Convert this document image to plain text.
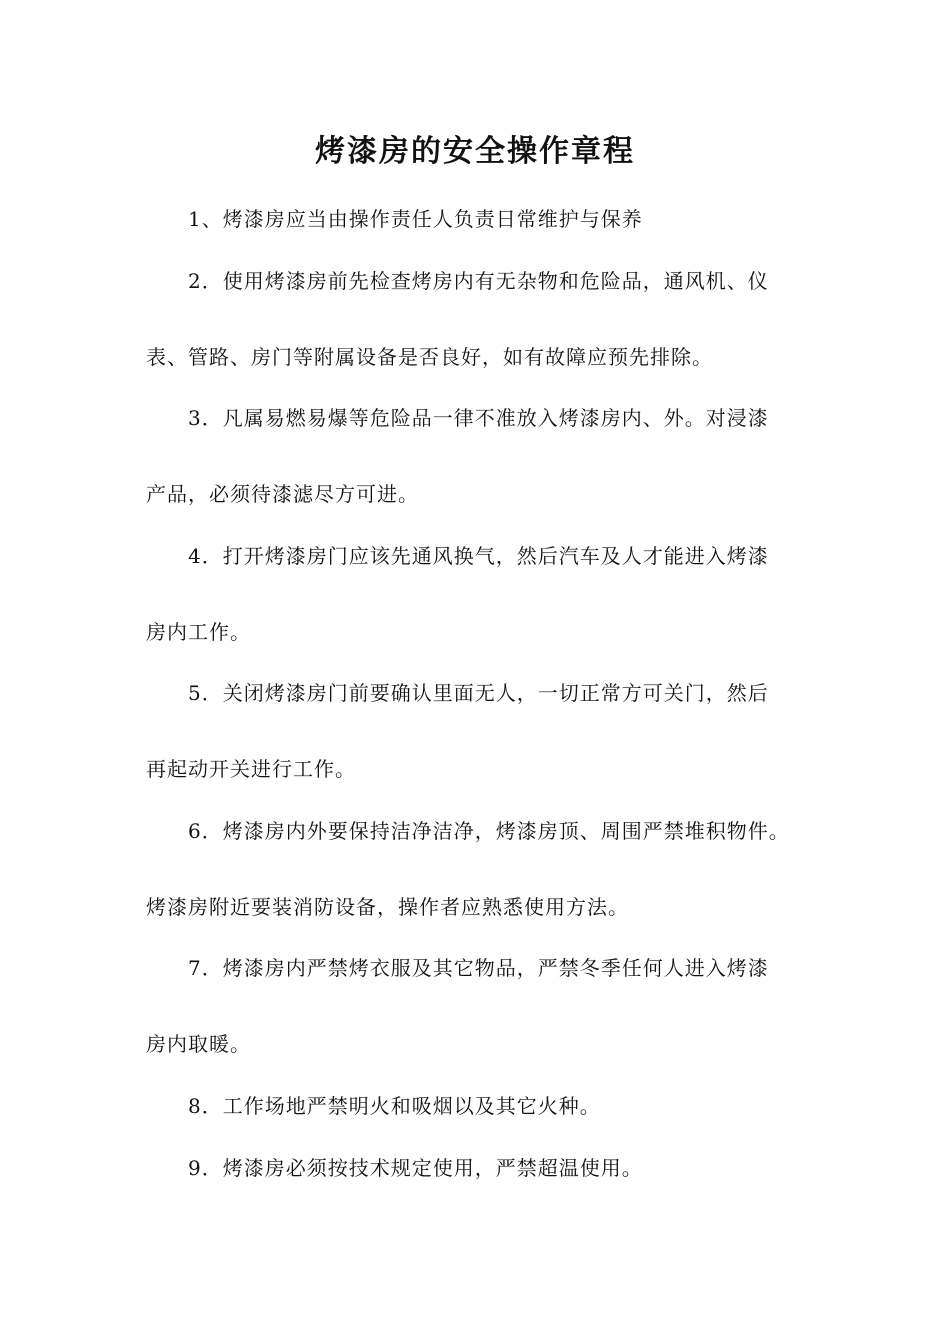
烤漆房的安全操作章程

1、烤漆房应当由操作责任人负责日常维护与保养

2．使用烤漆房前先检查烤房内有无杂物和危险品，通风机、仪

表、管路、房门等附属设备是否良好，如有故障应预先排除。

3．凡属易燃易爆等危险品一律不准放入烤漆房内、外。对浸漆

产品，必须待漆滤尽方可进。

4．打开烤漆房门应该先通风换气，然后汽车及人才能进入烤漆

房内工作。

5．关闭烤漆房门前要确认里面无人，一切正常方可关门，然后

再起动开关进行工作。

6．烤漆房内外要保持洁净洁净，烤漆房顶、周围严禁堆积物件。

烤漆房附近要装消防设备，操作者应熟悉使用方法。

7．烤漆房内严禁烤衣服及其它物品，严禁冬季任何人进入烤漆

房内取暖。

8．工作场地严禁明火和吸烟以及其它火种。

9．烤漆房必须按技术规定使用，严禁超温使用。
